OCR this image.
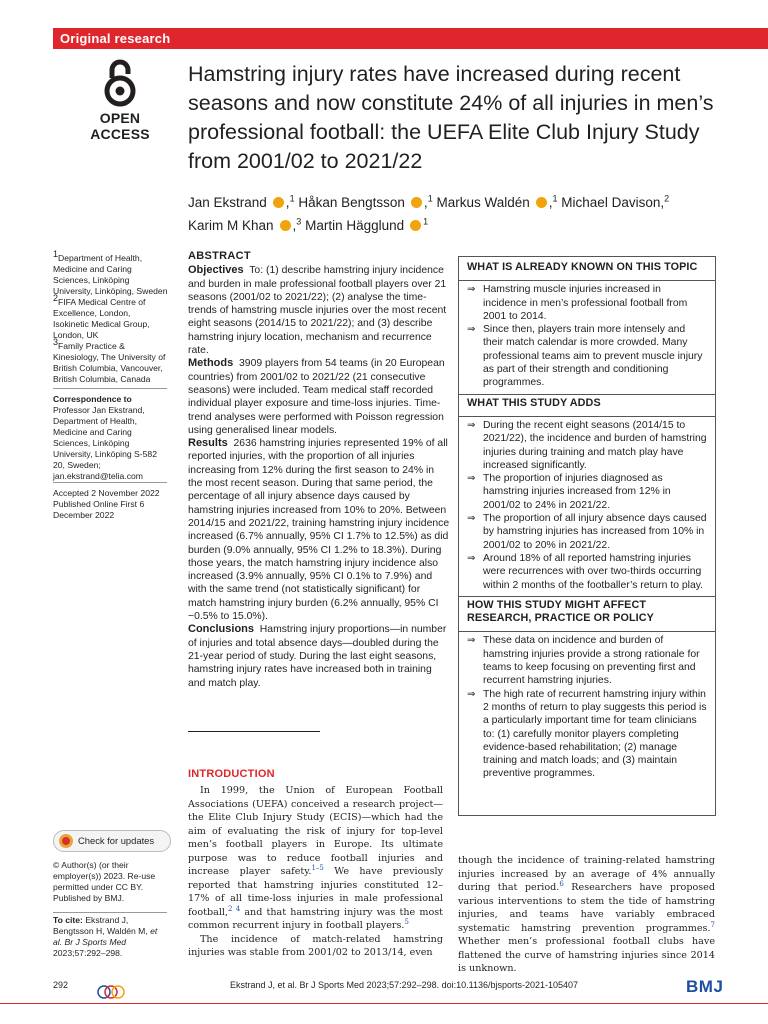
Original research
OPEN ACCESS
Hamstring injury rates have increased during recent seasons and now constitute 24% of all injuries in men’s professional football: the UEFA Elite Club Injury Study from 2001/02 to 2021/22
Jan Ekstrand ,$^1$ Håkan Bengtsson ,$^1$ Markus Waldén ,$^1$ Michael Davison,$^2$
Karim M Khan ,$^3$ Martin Hägglund $^1$
$^1$Department of Health, Medicine and Caring Sciences, Linköping University, Linköping, Sweden
$^2$FIFA Medical Centre of Excellence, London, Isokinetic Medical Group, London, UK
$^3$Family Practice & Kinesiology, The University of British Columbia, Vancouver, British Columbia, Canada
Correspondence to
Professor Jan Ekstrand, Department of Health, Medicine and Caring Sciences, Linköping University, Linköping S-582 20, Sweden; jan.ekstrand@telia.com
Accepted 2 November 2022
Published Online First 6 December 2022
ABSTRACT
Objectives To: (1) describe hamstring injury incidence and burden in male professional football players over 21 seasons (2001/02 to 2021/22); (2) analyse the time-trends of hamstring muscle injuries over the most recent eight seasons (2014/15 to 2021/22); and (3) describe hamstring injury location, mechanism and recurrence rate.
Methods 3909 players from 54 teams (in 20 European countries) from 2001/02 to 2021/22 (21 consecutive seasons) were included. Team medical staff recorded individual player exposure and time-loss injuries. Time-trend analyses were performed with Poisson regression using generalised linear models.
Results 2636 hamstring injuries represented 19% of all reported injuries, with the proportion of all injuries increasing from 12% during the first season to 24% in the most recent season. During that same period, the percentage of all injury absence days caused by hamstring injuries increased from 10% to 20%. Between 2014/15 and 2021/22, training hamstring injury incidence increased (6.7% annually, 95% CI 1.7% to 12.5%) as did burden (9.0% annually, 95% CI 1.2% to 18.3%). During those years, the match hamstring injury incidence also increased (3.9% annually, 95% CI 0.1% to 7.9%) and with the same trend (not statistically significant) for match hamstring injury burden (6.2% annually, 95% CI −0.5% to 15.0%).
Conclusions Hamstring injury proportions—in number of injuries and total absence days—doubled during the 21-year period of study. During the last eight seasons, hamstring injury rates have increased both in training and match play.
WHAT IS ALREADY KNOWN ON THIS TOPIC
⇒ Hamstring muscle injuries increased in incidence in men’s professional football from 2001 to 2014.
⇒ Since then, players train more intensely and their match calendar is more crowded. Many professional teams aim to prevent muscle injury as part of their strength and conditioning programmes.
WHAT THIS STUDY ADDS
⇒ During the recent eight seasons (2014/15 to 2021/22), the incidence and burden of hamstring injuries during training and match play have increased significantly.
⇒ The proportion of injuries diagnosed as hamstring injuries increased from 12% in 2001/02 to 24% in 2021/22.
⇒ The proportion of all injury absence days caused by hamstring injuries has increased from 10% in 2001/02 to 20% in 2021/22.
⇒ Around 18% of all reported hamstring injuries were recurrences with over two-thirds occurring within 2 months of the footballer’s return to play.
HOW THIS STUDY MIGHT AFFECT RESEARCH, PRACTICE OR POLICY
⇒ These data on incidence and burden of hamstring injuries provide a strong rationale for teams to keep focusing on preventing first and recurrent hamstring injuries.
⇒ The high rate of recurrent hamstring injury within 2 months of return to play suggests this period is a particularly important time for team clinicians to: (1) carefully monitor players completing evidence-based rehabilitation; (2) manage training and match loads; and (3) maintain preventive programmes.
INTRODUCTION

In 1999, the Union of European Football Associations (UEFA) conceived a research project—the Elite Club Injury Study (ECIS)—which had the aim of evaluating the risk of injury for top-level men’s football players in Europe. Its ultimate purpose was to reduce football injuries and increase player safety.$^{1-5}$ We have previously reported that hamstring injuries constituted 12–17% of all time-loss injuries in male professional football,$^{2 4}$ and that hamstring injury was the most common recurrent injury in football players.$^5$

The incidence of match-related hamstring injuries was stable from 2001/02 to 2013/14, even

though the incidence of training-related hamstring injuries increased by an average of 4% annually during that period.$^6$ Researchers have proposed various interventions to stem the tide of hamstring injuries, and teams have variably embraced systematic hamstring prevention programmes.$^7$ Whether men’s professional football clubs have flattened the curve of hamstring injuries since 2014 is unknown.

Check for updates
© Author(s) (or their employer(s)) 2023. Re-use permitted under CC BY. Published by BMJ.
To cite: Ekstrand J, Bengtsson H, Waldén M, et al. Br J Sports Med
2023;57:292–298.
292	Ekstrand J, et al. Br J Sports Med 2023;57:292–298. doi:10.1136/bjsports-2021-105407	BMJ
